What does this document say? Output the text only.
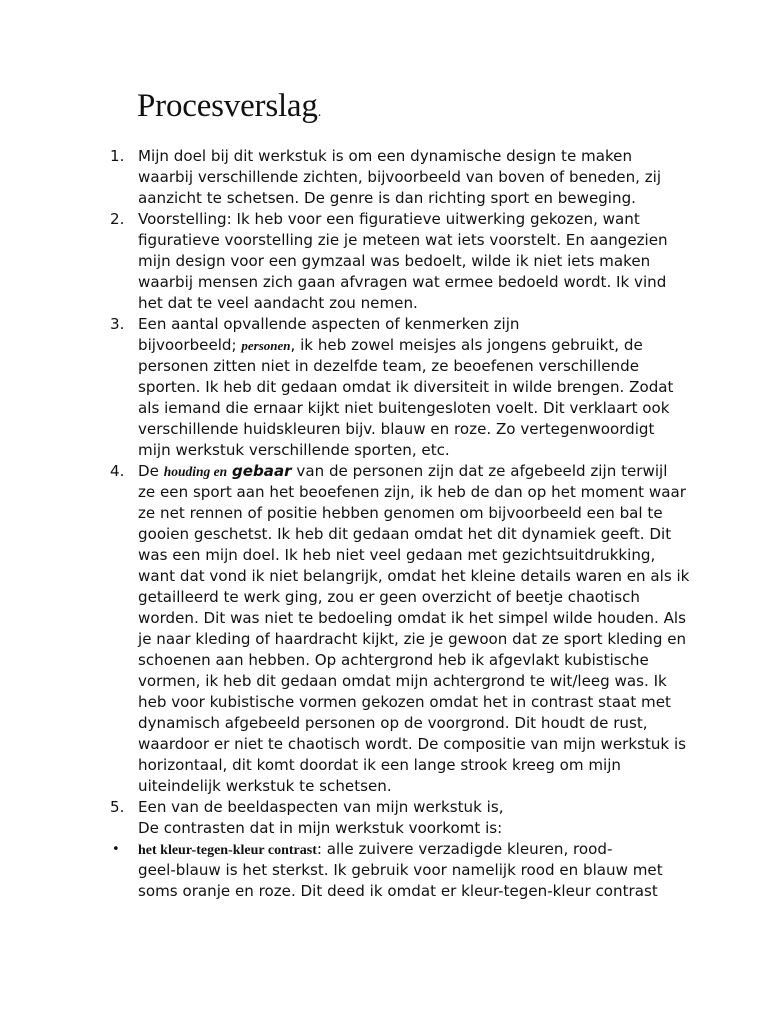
Procesverslag.
1. Mijn doel bij dit werkstuk is om een dynamische design te maken
waarbij verschillende zichten, bijvoorbeeld van boven of beneden, zij
aanzicht te schetsen. De genre is dan richting sport en beweging.
2. Voorstelling: Ik heb voor een figuratieve uitwerking gekozen, want
figuratieve voorstelling zie je meteen wat iets voorstelt. En aangezien
mijn design voor een gymzaal was bedoelt, wilde ik niet iets maken
waarbij mensen zich gaan afvragen wat ermee bedoeld wordt. Ik vind
het dat te veel aandacht zou nemen.
3. Een aantal opvallende aspecten of kenmerken zijn
bijvoorbeeld; personen, ik heb zowel meisjes als jongens gebruikt, de
personen zitten niet in dezelfde team, ze beoefenen verschillende
sporten. Ik heb dit gedaan omdat ik diversiteit in wilde brengen. Zodat
als iemand die ernaar kijkt niet buitengesloten voelt. Dit verklaart ook
verschillende huidskleuren bijv. blauw en roze. Zo vertegenwoordigt
mijn werkstuk verschillende sporten, etc.
4. De houding en gebaar van de personen zijn dat ze afgebeeld zijn terwijl
ze een sport aan het beoefenen zijn, ik heb de dan op het moment waar
ze net rennen of positie hebben genomen om bijvoorbeeld een bal te
gooien geschetst. Ik heb dit gedaan omdat het dit dynamiek geeft. Dit
was een mijn doel. Ik heb niet veel gedaan met gezichtsuitdrukking,
want dat vond ik niet belangrijk, omdat het kleine details waren en als ik
getailleerd te werk ging, zou er geen overzicht of beetje chaotisch
worden. Dit was niet te bedoeling omdat ik het simpel wilde houden. Als
je naar kleding of haardracht kijkt, zie je gewoon dat ze sport kleding en
schoenen aan hebben. Op achtergrond heb ik afgevlakt kubistische
vormen, ik heb dit gedaan omdat mijn achtergrond te wit/leeg was. Ik
heb voor kubistische vormen gekozen omdat het in contrast staat met
dynamisch afgebeeld personen op de voorgrond. Dit houdt de rust,
waardoor er niet te chaotisch wordt. De compositie van mijn werkstuk is
horizontaal, dit komt doordat ik een lange strook kreeg om mijn
uiteindelijk werkstuk te schetsen.
5. Een van de beeldaspecten van mijn werkstuk is,
De contrasten dat in mijn werkstuk voorkomt is:
• het kleur-tegen-kleur contrast: alle zuivere verzadigde kleuren, rood-
geel-blauw is het sterkst. Ik gebruik voor namelijk rood en blauw met
soms oranje en roze. Dit deed ik omdat er kleur-tegen-kleur contrast
